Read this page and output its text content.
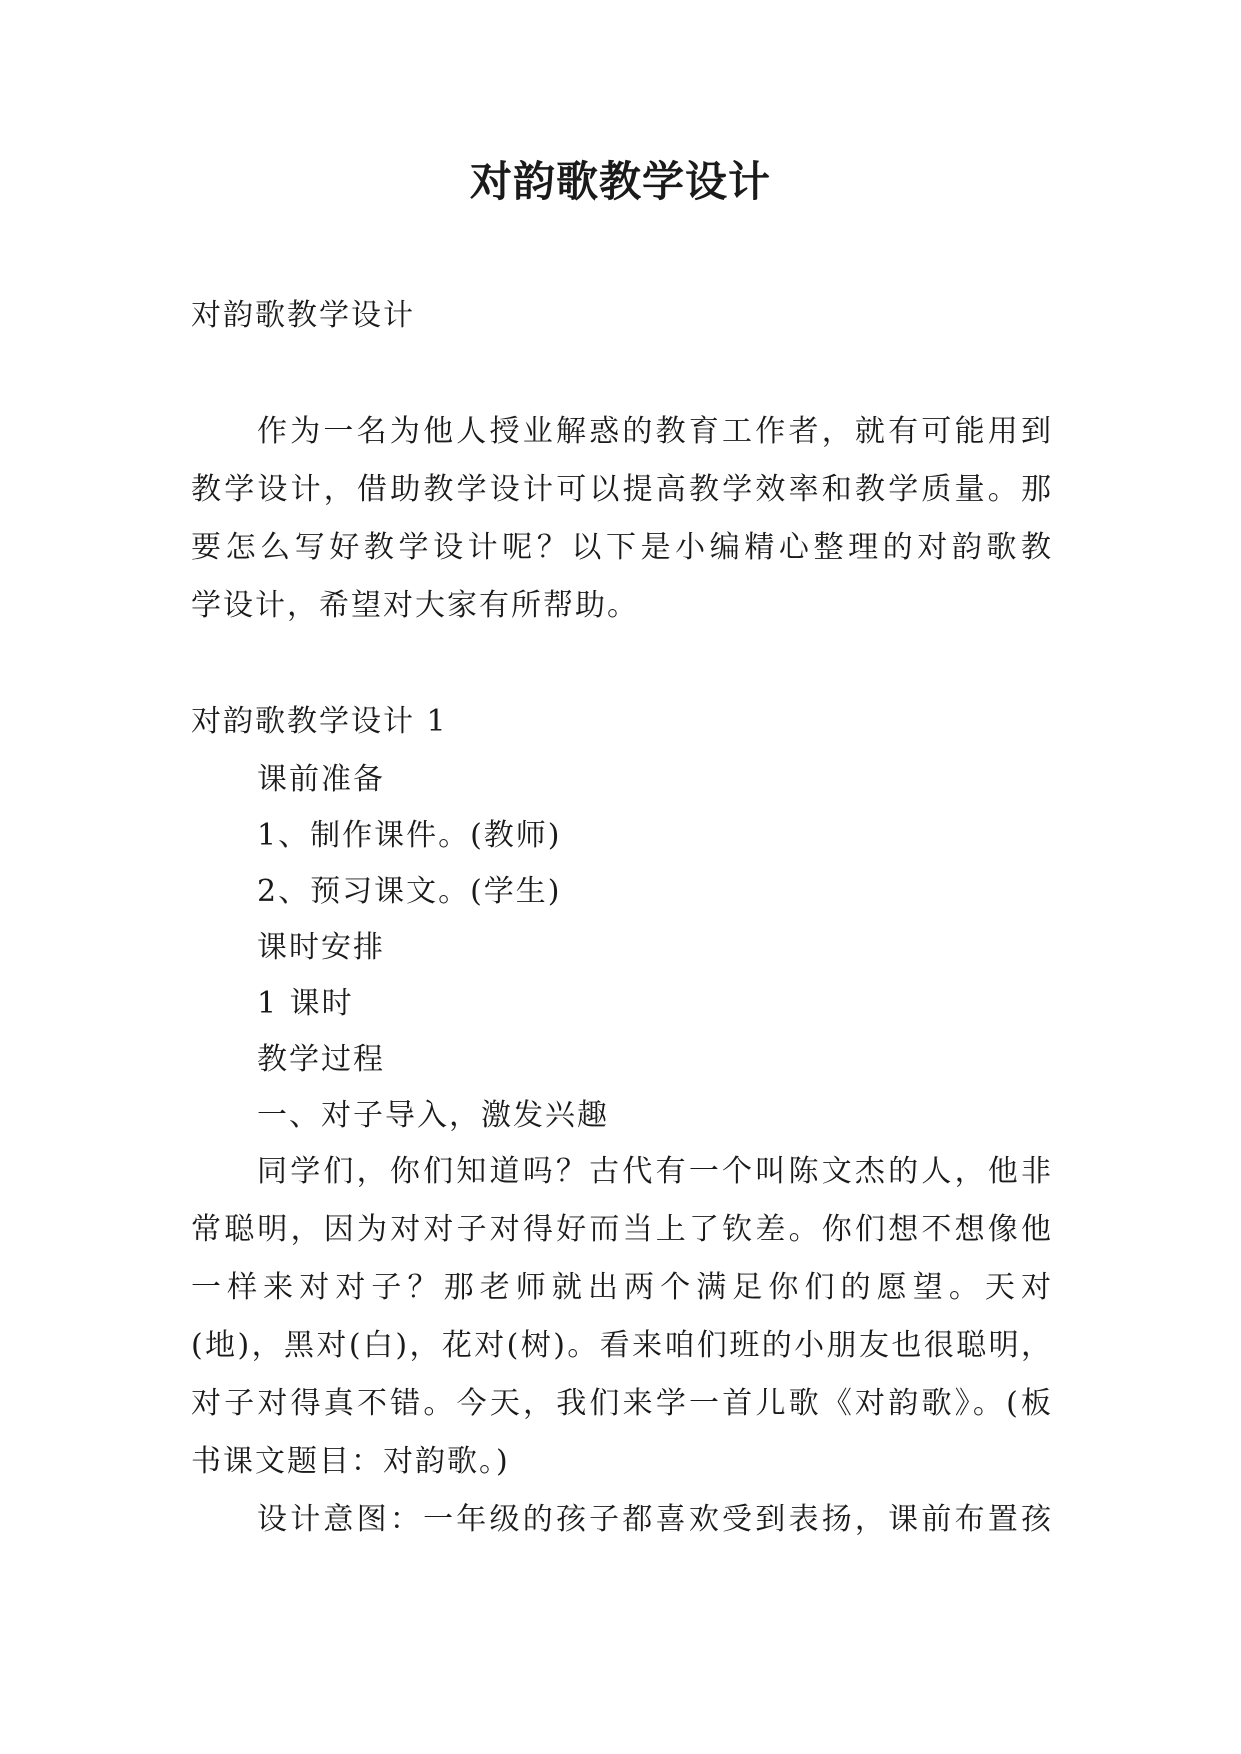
对韵歌教学设计
对韵歌教学设计
作为一名为他人授业解惑的教育工作者，就有可能用到
教学设计，借助教学设计可以提高教学效率和教学质量。那
要怎么写好教学设计呢？以下是小编精心整理的对韵歌教
学设计，希望对大家有所帮助。
对韵歌教学设计 1
课前准备
1、制作课件。(教师)
2、预习课文。(学生)
课时安排
1 课时
教学过程
一、对子导入，激发兴趣
同学们，你们知道吗？古代有一个叫陈文杰的人，他非
常聪明，因为对对子对得好而当上了钦差。你们想不想像他
一样来对对子？那老师就出两个满足你们的愿望。天对
(地)，黑对(白)，花对(树)。看来咱们班的小朋友也很聪明，
对子对得真不错。今天，我们来学一首儿歌《对韵歌》。(板
书课文题目：对韵歌。)
设计意图：一年级的孩子都喜欢受到表扬，课前布置孩
